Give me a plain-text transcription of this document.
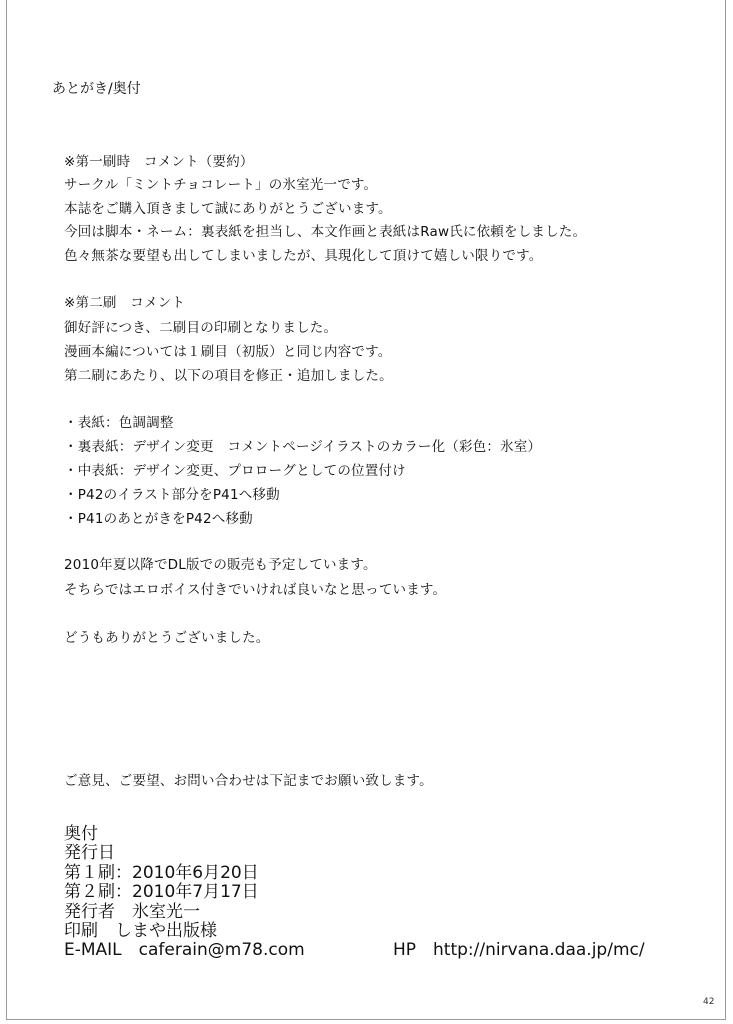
あとがき/奥付
※第一刷時　コメント（要約）
サークル「ミントチョコレート」の氷室光一です。
本誌をご購入頂きまして誠にありがとうございます。
今回は脚本・ネーム：裏表紙を担当し、本文作画と表紙はRaw氏に依頼をしました。
色々無茶な要望も出してしまいましたが、具現化して頂けて嬉しい限りです。
※第二刷　コメント
御好評につき、二刷目の印刷となりました。
漫画本編については１刷目（初版）と同じ内容です。
第二刷にあたり、以下の項目を修正・追加しました。
・表紙：色調調整
・裏表紙：デザイン変更　コメントページイラストのカラー化（彩色：氷室）
・中表紙：デザイン変更、プロローグとしての位置付け
・P42のイラスト部分をP41へ移動
・P41のあとがきをP42へ移動
2010年夏以降でDL版での販売も予定しています。
そちらではエロボイス付きでいければ良いなと思っています。
どうもありがとうございました。
ご意見、ご要望、お問い合わせは下記までお願い致します。
奥付
発行日
第１刷：2010年6月20日
第２刷：2010年7月17日
発行者　氷室光一
印刷　しまや出版様
E-MAIL　caferain@m78.com	HP　http://nirvana.daa.jp/mc/
42
